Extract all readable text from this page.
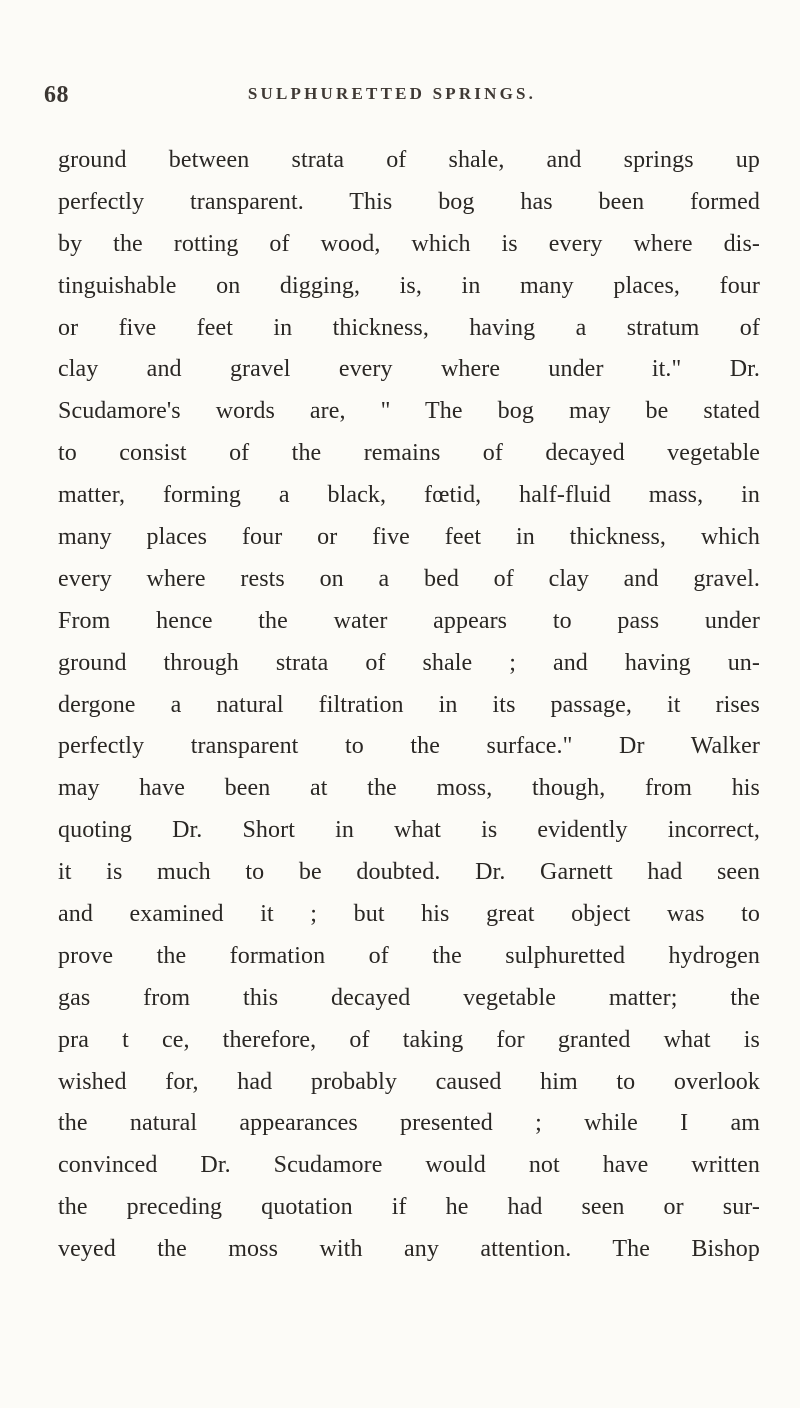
68	SULPHURETTED SPRINGS.
ground between strata of shale, and springs up
perfectly transparent. This bog has been formed
by the rotting of wood, which is every where dis-
tinguishable on digging, is, in many places, four
or five feet in thickness, having a stratum of
clay and gravel every where under it." Dr.
Scudamore's words are, " The bog may be stated
to consist of the remains of decayed vegetable
matter, forming a black, fœtid, half-fluid mass, in
many places four or five feet in thickness, which
every where rests on a bed of clay and gravel.
From hence the water appears to pass under
ground through strata of shale ; and having un-
dergone a natural filtration in its passage, it rises
perfectly transparent to the surface." Dr Walker
may have been at the moss, though, from his
quoting Dr. Short in what is evidently incorrect,
it is much to be doubted. Dr. Garnett had seen
and examined it ; but his great object was to
prove the formation of the sulphuretted hydrogen
gas from this decayed vegetable matter; the
pra t ce, therefore, of taking for granted what is
wished for, had probably caused him to overlook
the natural appearances presented ; while I am
convinced Dr. Scudamore would not have written
the preceding quotation if he had seen or sur-
veyed the moss with any attention. The Bishop
